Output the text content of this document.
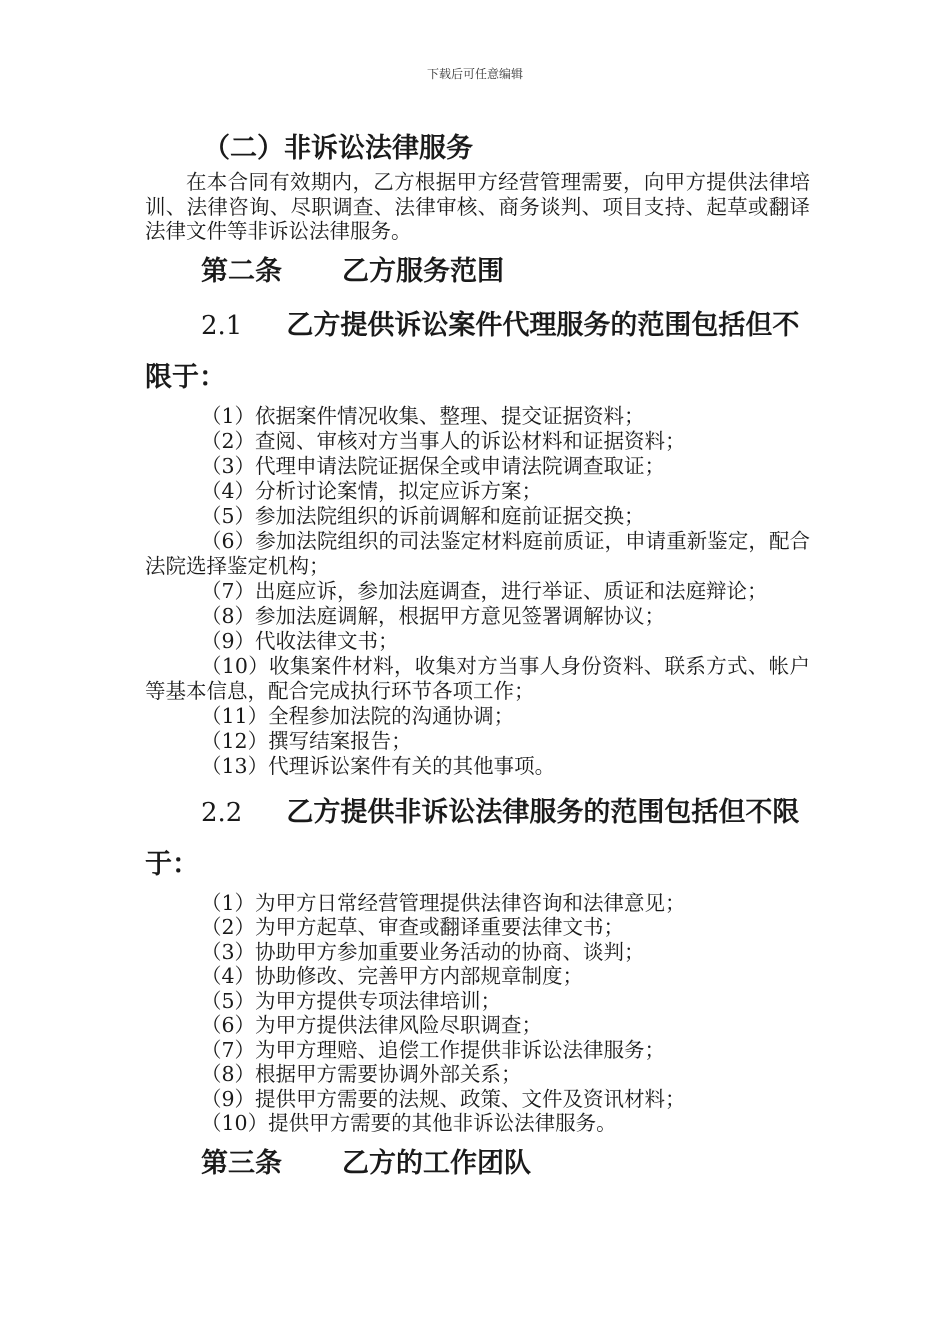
下载后可任意编辑
（二）非诉讼法律服务

在本合同有效期内，乙方根据甲方经营管理需要，向甲方提供法律培训、法律咨询、尽职调查、法律审核、商务谈判、项目支持、起草或翻译法律文件等非诉讼法律服务。

第二条 乙方服务范围
2.1 乙方提供诉讼案件代理服务的范围包括但不限于：
（1）依据案件情况收集、整理、提交证据资料；
（2）查阅、审核对方当事人的诉讼材料和证据资料；
（3）代理申请法院证据保全或申请法院调查取证；
（4）分析讨论案情，拟定应诉方案；
（5）参加法院组织的诉前调解和庭前证据交换；
（6）参加法院组织的司法鉴定材料庭前质证，申请重新鉴定，配合法院选择鉴定机构；
（7）出庭应诉，参加法庭调查，进行举证、质证和法庭辩论；
（8）参加法庭调解，根据甲方意见签署调解协议；
（9）代收法律文书；
（10）收集案件材料，收集对方当事人身份资料、联系方式、帐户等基本信息，配合完成执行环节各项工作；
（11）全程参加法院的沟通协调；
（12）撰写结案报告；
（13）代理诉讼案件有关的其他事项。
2.2 乙方提供非诉讼法律服务的范围包括但不限于：
（1）为甲方日常经营管理提供法律咨询和法律意见；
（2）为甲方起草、审查或翻译重要法律文书；
（3）协助甲方参加重要业务活动的协商、谈判；
（4）协助修改、完善甲方内部规章制度；
（5）为甲方提供专项法律培训；
（6）为甲方提供法律风险尽职调查；
（7）为甲方理赔、追偿工作提供非诉讼法律服务；
（8）根据甲方需要协调外部关系；
（9）提供甲方需要的法规、政策、文件及资讯材料；
（10）提供甲方需要的其他非诉讼法律服务。
第三条 乙方的工作团队
